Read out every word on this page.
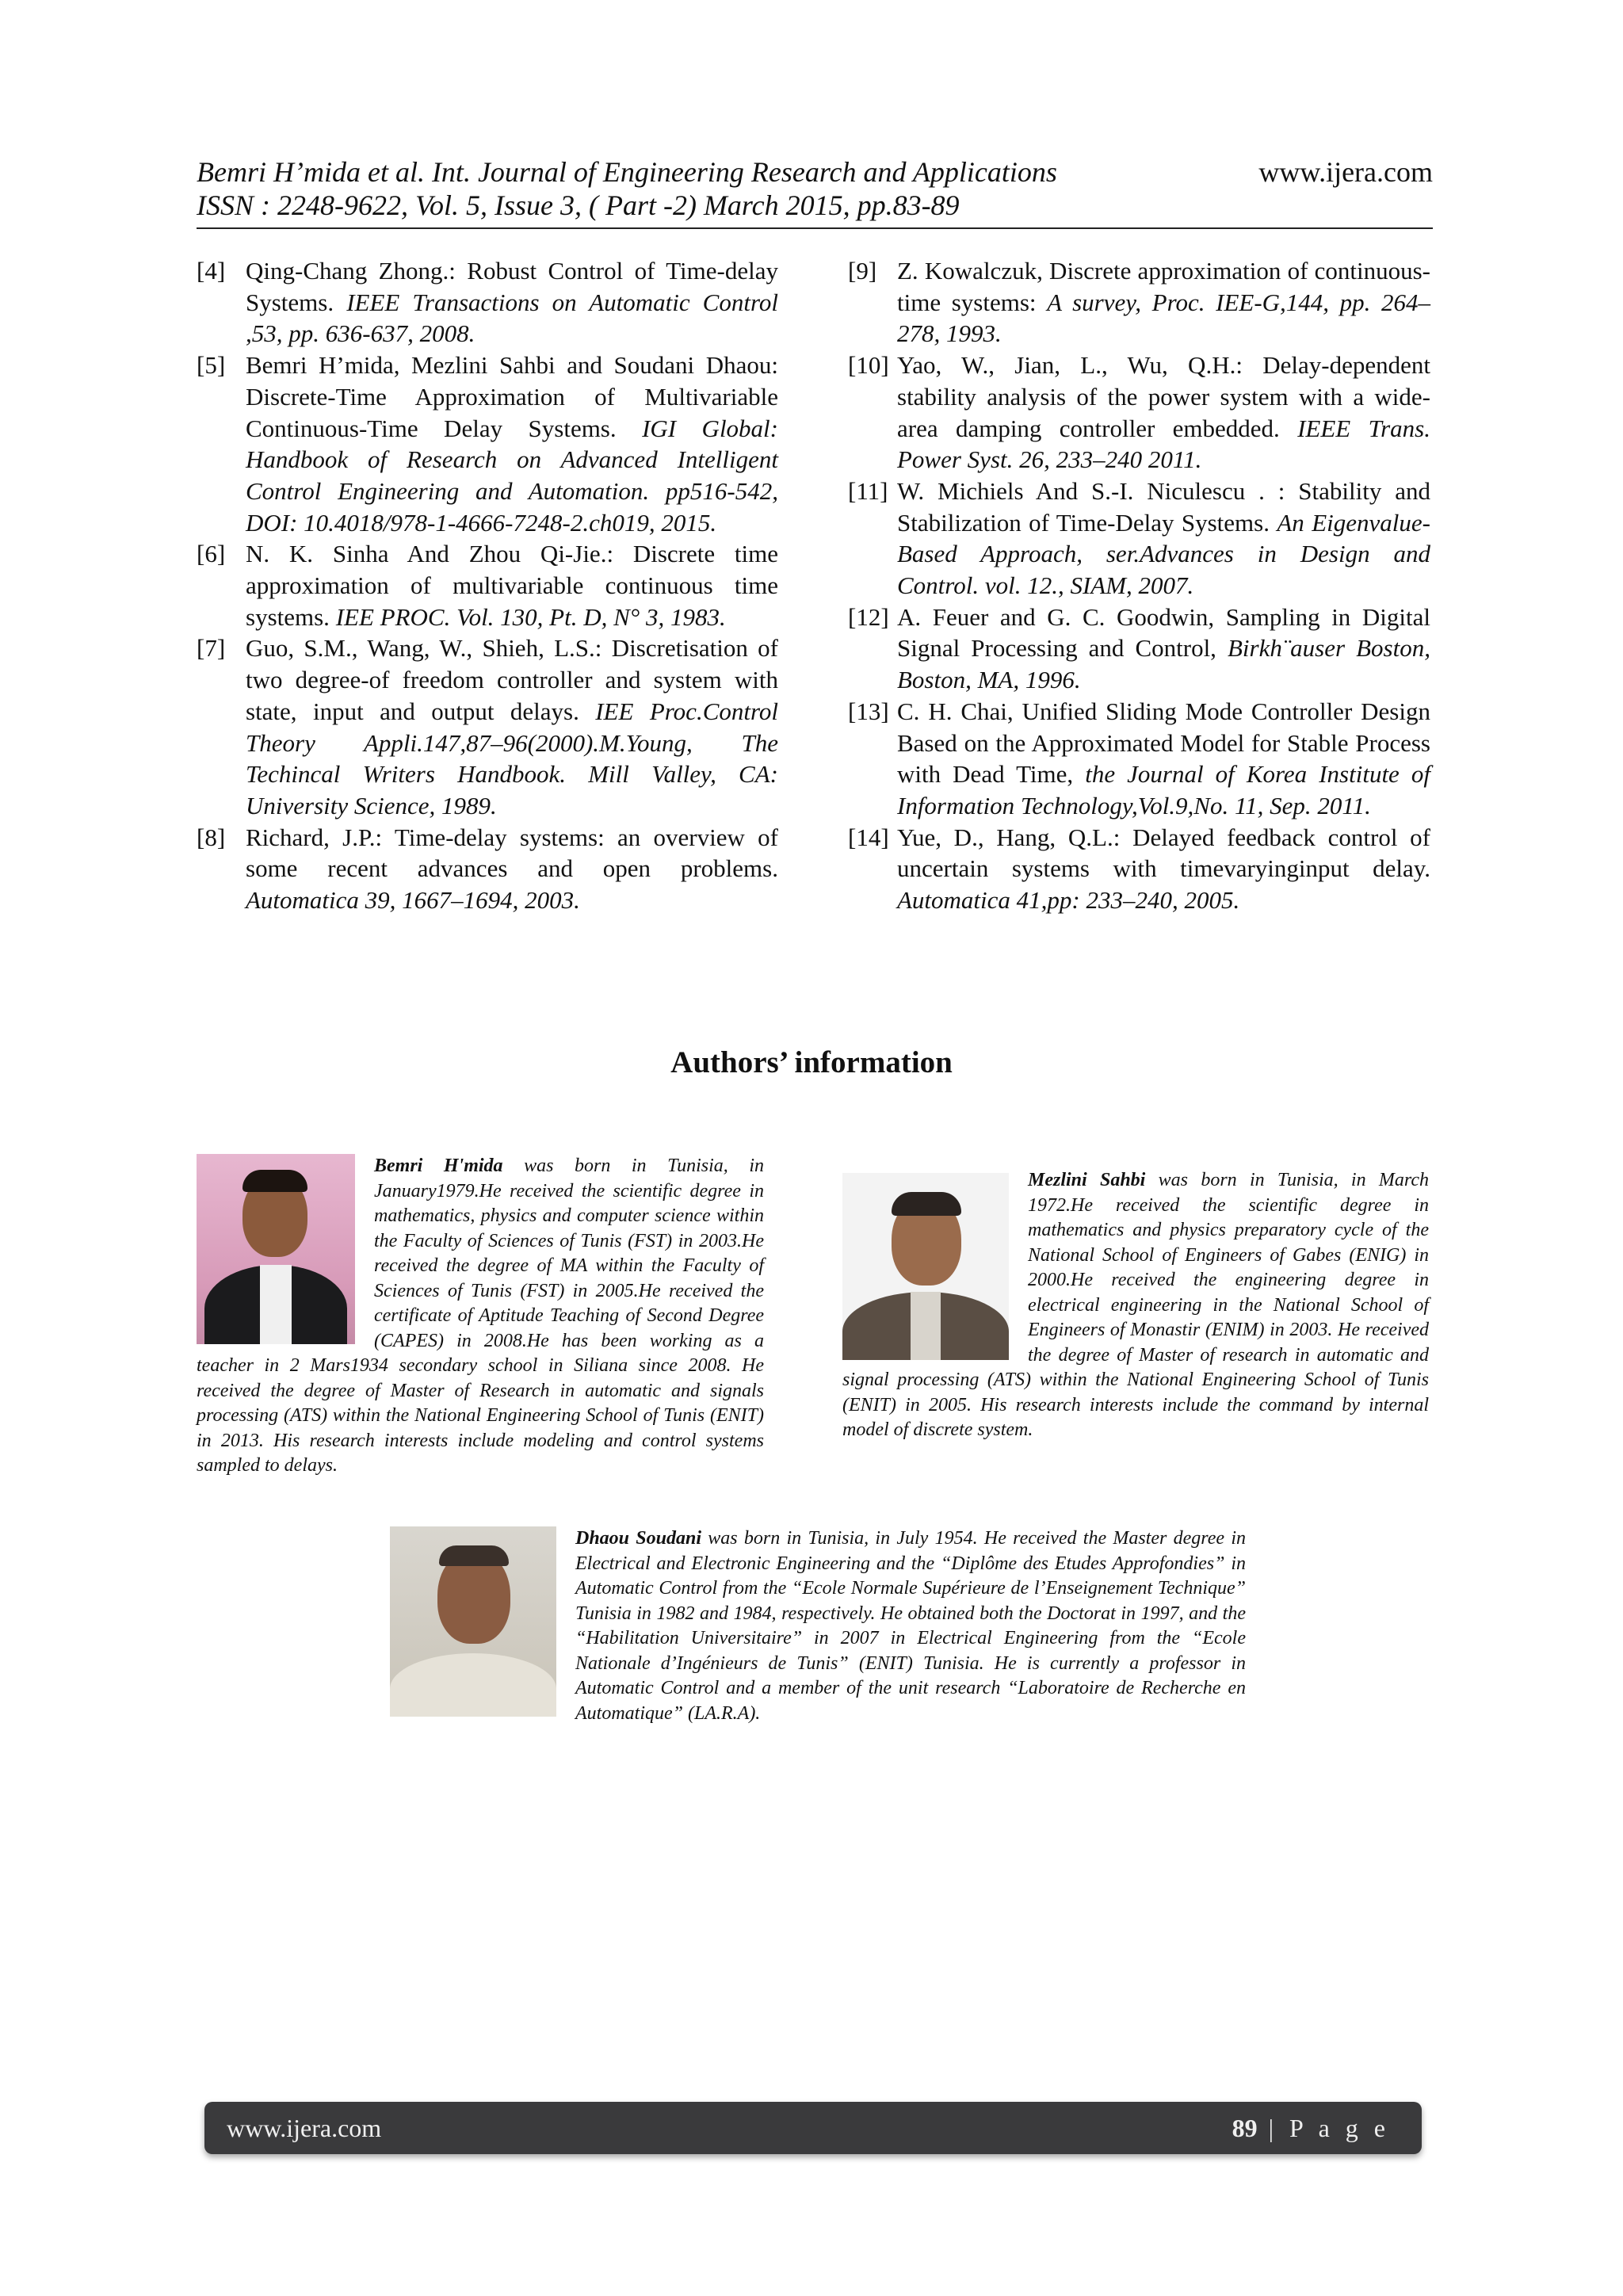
Bemri H’mida et al. Int. Journal of Engineering Research and Applications	www.ijera.com
ISSN : 2248-9622, Vol. 5, Issue 3, ( Part -2) March 2015, pp.83-89
[4] Qing-Chang Zhong.: Robust Control of Time-delay Systems. IEEE Transactions on Automatic Control ,53, pp. 636-637, 2008.
[5] Bemri H’mida, Mezlini Sahbi and Soudani Dhaou: Discrete-Time Approximation of Multivariable Continuous-Time Delay Systems. IGI Global: Handbook of Research on Advanced Intelligent Control Engineering and Automation. pp516-542, DOI: 10.4018/978-1-4666-7248-2.ch019, 2015.
[6] N. K. Sinha And Zhou Qi-Jie.: Discrete time approximation of multivariable continuous time systems. IEE PROC. Vol. 130, Pt. D, N° 3, 1983.
[7] Guo, S.M., Wang, W., Shieh, L.S.: Discretisation of two degree-of freedom controller and system with state, input and output delays. IEE Proc.Control Theory Appli.147,87–96(2000).M.Young, The Techincal Writers Handbook. Mill Valley, CA: University Science, 1989.
[8] Richard, J.P.: Time-delay systems: an overview of some recent advances and open problems. Automatica 39, 1667–1694, 2003.
[9] Z. Kowalczuk, Discrete approximation of continuous-time systems: A survey, Proc. IEE-G,144, pp. 264–278, 1993.
[10] Yao, W., Jian, L., Wu, Q.H.: Delay-dependent stability analysis of the power system with a wide-area damping controller embedded. IEEE Trans. Power Syst. 26, 233–240 2011.
[11] W. Michiels And S.-I. Niculescu . : Stability and Stabilization of Time-Delay Systems. An Eigenvalue-Based Approach, ser.Advances in Design and Control. vol. 12., SIAM, 2007.
[12] A. Feuer and G. C. Goodwin, Sampling in Digital Signal Processing and Control, Birkh¨auser Boston, Boston, MA, 1996.
[13] C. H. Chai, Unified Sliding Mode Controller Design Based on the Approximated Model for Stable Process with Dead Time, the Journal of Korea Institute of Information Technology,Vol.9,No. 11, Sep. 2011.
[14] Yue, D., Hang, Q.L.: Delayed feedback control of uncertain systems with timevaryinginput delay. Automatica 41,pp: 233–240, 2005.
Authors’ information
Bemri H'mida was born in Tunisia, in January1979.He received the scientific degree in mathematics, physics and computer science within the Faculty of Sciences of Tunis (FST) in 2003.He received the degree of MA within the Faculty of Sciences of Tunis (FST) in 2005.He received the certificate of Aptitude Teaching of Second Degree (CAPES) in 2008.He has been working as a teacher in 2 Mars1934 secondary school in Siliana since 2008. He received the degree of Master of Research in automatic and signals processing (ATS) within the National Engineering School of Tunis (ENIT) in 2013. His research interests include modeling and control systems sampled to delays.
Mezlini Sahbi was born in Tunisia, in March 1972.He received the scientific degree in mathematics and physics preparatory cycle of the National School of Engineers of Gabes (ENIG) in 2000.He received the engineering degree in electrical engineering in the National School of Engineers of Monastir (ENIM) in 2003. He received the degree of Master of research in automatic and signal processing (ATS) within the National Engineering School of Tunis (ENIT) in 2005. His research interests include the command by internal model of discrete system.
Dhaou Soudani was born in Tunisia, in July 1954. He received the Master degree in Electrical and Electronic Engineering and the “Diplôme des Etudes Approfondies” in Automatic Control from the “Ecole Normale Supérieure de l’Enseignement Technique” Tunisia in 1982 and 1984, respectively. He obtained both the Doctorat in 1997, and the “Habilitation Universitaire” in 2007 in Electrical Engineering from the “Ecole Nationale d’Ingénieurs de Tunis” (ENIT) Tunisia. He is currently a professor in Automatic Control and a member of the unit research “Laboratoire de Recherche en Automatique” (LA.R.A).
www.ijera.com	89 | P a g e
